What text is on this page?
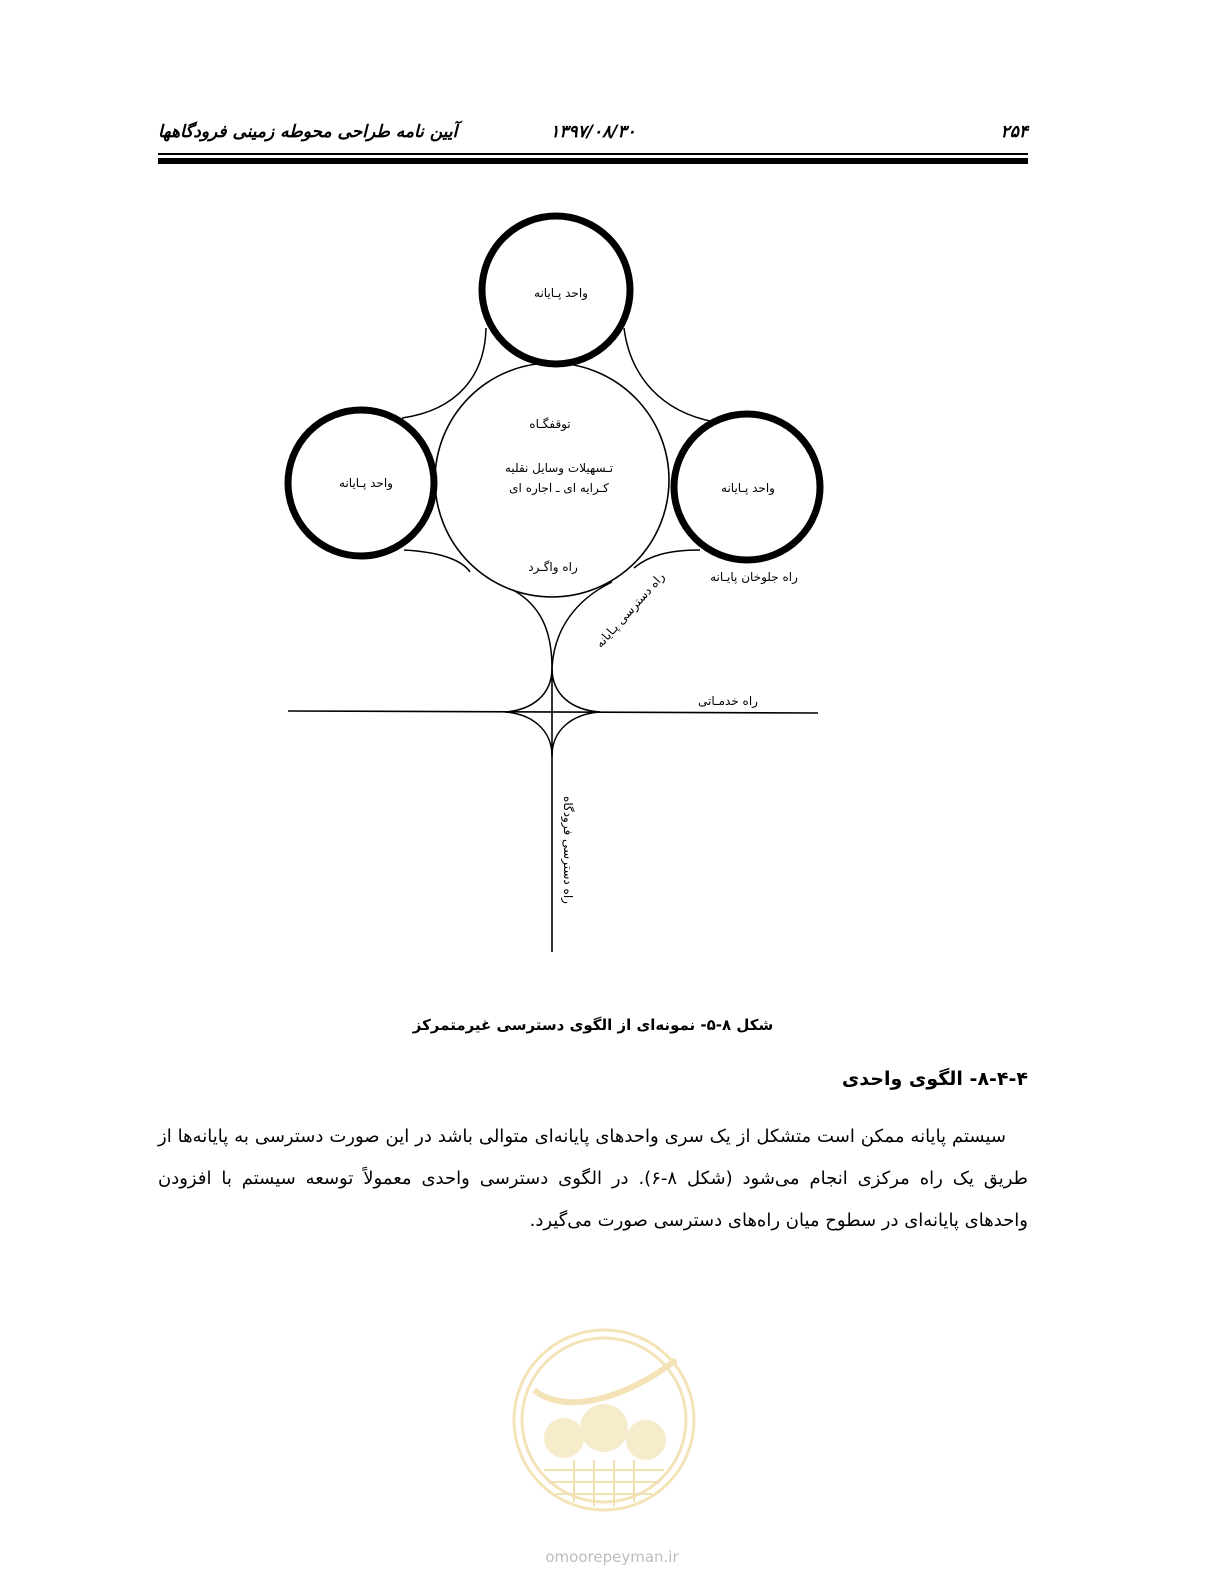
۲۵۴
۱۳۹۷/۰۸/۳۰
آیین نامه طراحی محوطه زمینی فرودگاهها
واحد پـایانه
واحد پـایانه	واحد پـایانه
توقفگـاه
تـسهیلات وسایل نقلیه
کـرایه ای ـ اجاره ای
راه واگـرد
راه جلوخان پایـانه
راه دسترسی پـایانه
راه خدمـاتی
راه دسترسی فرودگاه
شکل ۸-۵- نمونه‌ای از الگوی دسترسی غیرمتمرکز
۸-۴-۴- الگوی واحدی

سیستم پایانه ممکن است متشکل از یک سری واحدهای پایانه‌ای متوالی باشد در این صورت دسترسی به پایانه‌ها از طریق یک راه مرکزی انجام می‌شود (شکل ۸-۶). در الگوی دسترسی واحدی معمولاً توسعه سیستم با افزودن واحدهای پایانه‌ای در سطوح میان راه‌های دسترسی صورت می‌گیرد.

omoorepeyman.ir
